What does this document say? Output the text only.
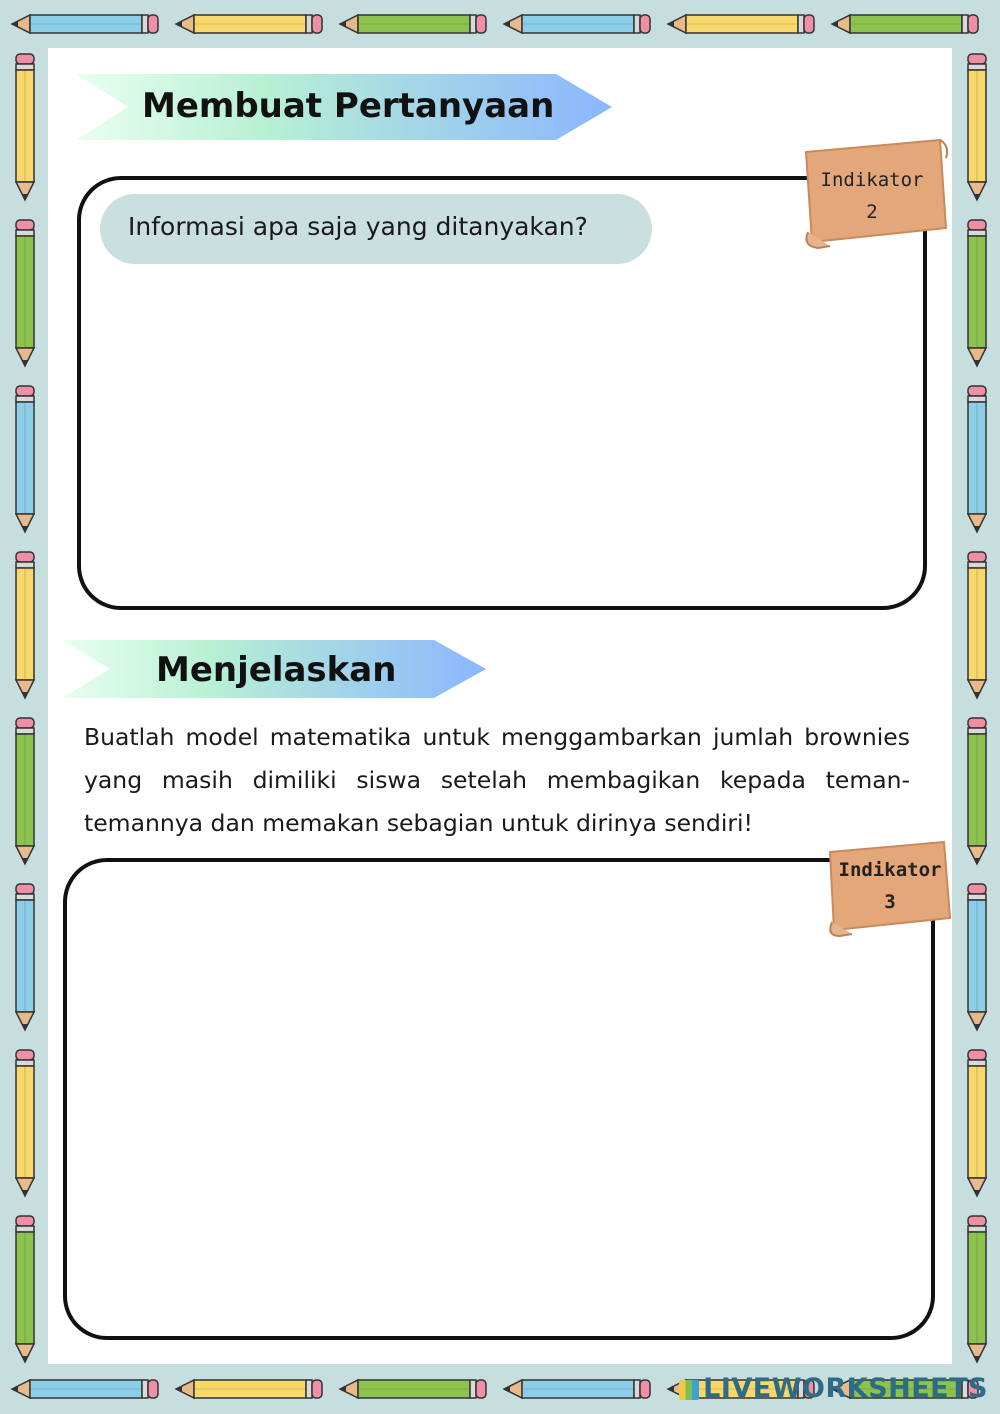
Membuat Pertanyaan
Informasi apa saja yang ditanyakan?
Indikator
2
Menjelaskan
Buatlah model matematika untuk menggambarkan jumlah brownies yang masih dimiliki siswa setelah membagikan kepada teman-temannya dan memakan sebagian untuk dirinya sendiri!
Indikator
3
LIVEWORKSHEETS
